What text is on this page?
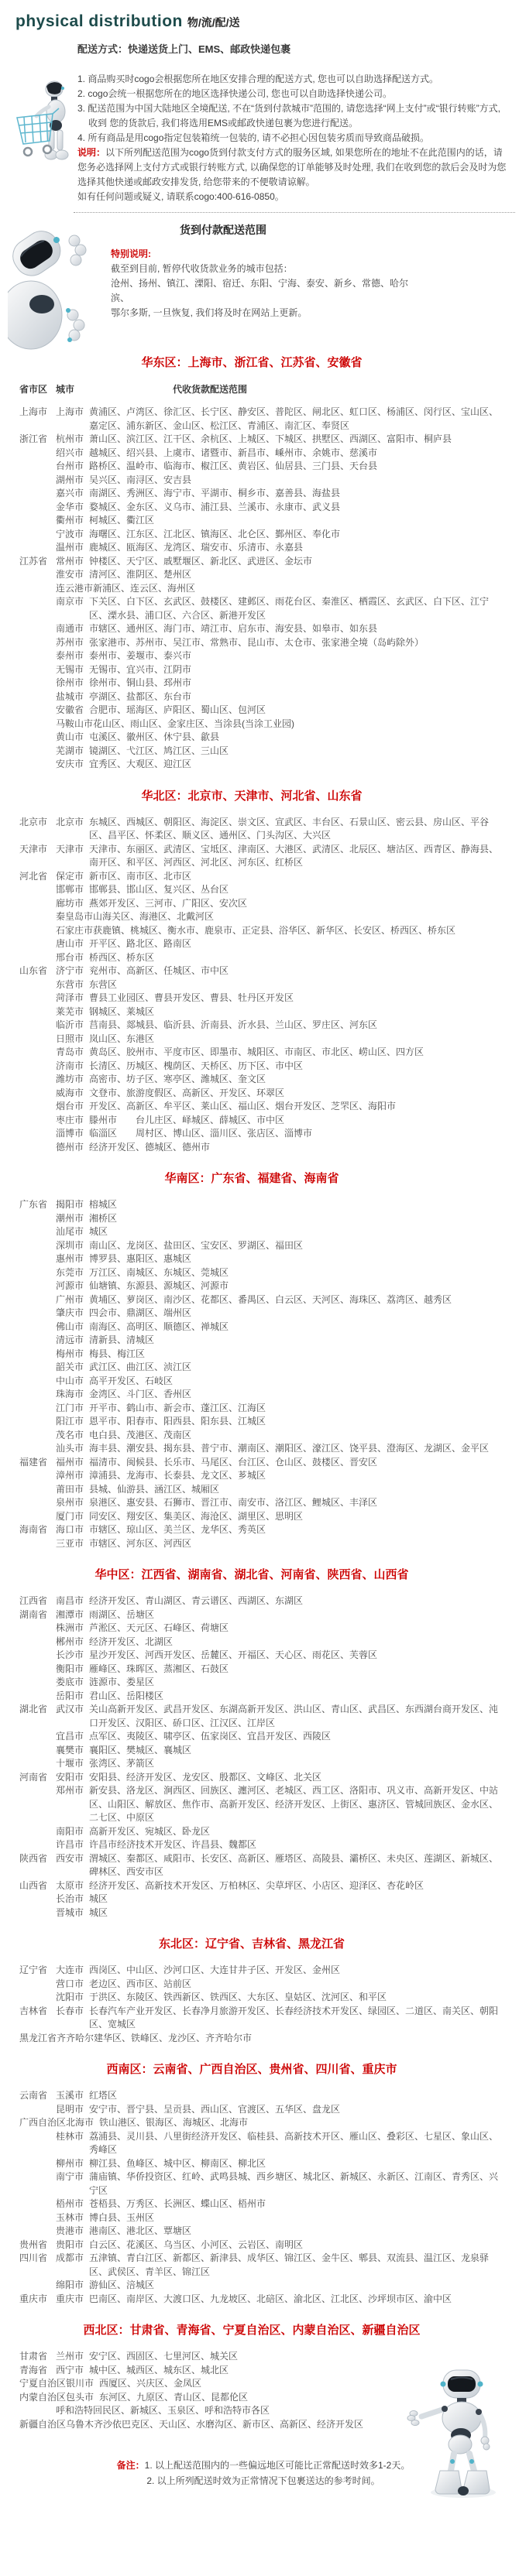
physical distribution 物/流/配/送
配送方式：快递送货上门、EMS、邮政快递包裹
1. 商品购买时cogo会根据您所在地区安排合理的配送方式, 您也可以自助选择配送方式。
2. cogo会统一根据您所在的地区选择快递公司, 您也可以自助选择快递公司。
3. 配送范围为中国大陆地区全境配送, 不在“货到付款城市”范围的, 请您选择“网上支付”或“银行转账”方式, 收到 您的货款后, 我们将选用EMS或邮政快递包裹为您进行配送。
4. 所有商品是用cogo指定包装箱统一包装的, 请不必担心因包装劣质而导致商品破损。
说明：以下所列配送范围为cogo货到付款支付方式的服务区域, 如果您所在的地址不在此范围内的话，请您务必选择网上支付方式或银行转账方式, 以确保您的订单能够及时处理, 我们在收到您的款后会及时为您选择其他快递或邮政安排发货, 给您带来的不便敬请谅解。
如有任何问题或疑义, 请联系cogo:400-616-0850。
货到付款配送范围
特别说明:
截至到目前, 暂停代收货款业务的城市包括：
沧州、扬州、镇江、溧阳、宿迁、东阳、宁海、泰安、新乡、常德、哈尔滨、
鄂尔多斯, 一旦恢复, 我们将及时在网站上更新。
华东区：上海市、浙江省、江苏省、安徽省
省市区 城市	代收货款配送范围
上海市 上海市 黄浦区、卢湾区、徐汇区、长宁区、静安区、普陀区、闸北区、虹口区、杨浦区、闵行区、宝山区、嘉定区、浦东新区、金山区、松江区、青浦区、南汇区、奉贤区
浙江省 杭州市 萧山区、滨江区、江干区、余杭区、上城区、下城区、拱墅区、西湖区、富阳市、桐庐县
绍兴市 越城区、绍兴县、上虞市、诸暨市、新昌市、嵊州市、余姚市、慈溪市
台州市 路桥区、温岭市、临海市、椒江区、黄岩区、仙居县、三门县、天台县
湖州市 吴兴区、南浔区、安吉县
嘉兴市 南湖区、秀洲区、海宁市、平湖市、桐乡市、嘉善县、海盐县
金华市 婺城区、金东区、义乌市、浦江县、兰溪市、永康市、武义县
衢州市 柯城区、衢江区
宁波市 海曙区、江东区、江北区、镇海区、北仑区、鄞州区、奉化市
温州市 鹿城区、瓯海区、龙湾区、瑞安市、乐清市、永嘉县
江苏省 常州市 钟楼区、天宁区、戚墅堰区、新北区、武进区、金坛市
淮安市 清河区、淮阴区、楚州区
连云港市 新浦区、连云区、海州区
南京市 下关区、白下区、玄武区、鼓楼区、建邺区、雨花台区、秦淮区、栖霞区、玄武区、白下区、江宁区、溧水县、浦口区、六合区、新港开发区
南通市 市辖区、通州区、海门市、靖江市、启东市、海安县、如皋市、如东县
苏州市 张家港市、苏州市、吴江市、常熟市、昆山市、太仓市、张家港全境（岛屿除外）
泰州市 泰州市、姜堰市、泰兴市
无锡市 无锡市、宜兴市、江阴市
徐州市 徐州市、铜山县、邳州市
盐城市 亭湖区、盐都区、东台市
安徽省 合肥市、瑶海区、庐阳区、蜀山区、包河区
马鞍山市 花山区、雨山区、金家庄区、当涂县(当涂工业园)
黄山市 屯溪区、徽州区、休宁县、歙县
芜湖市 镜湖区、弋江区、鸠江区、三山区
安庆市 宜秀区、大观区、迎江区
华北区：北京市、天津市、河北省、山东省
北京市 北京市 东城区、西城区、朝阳区、海淀区、崇文区、宣武区、丰台区、石景山区、密云县、房山区、平谷区、昌平区、怀柔区、顺义区、通州区、门头沟区、大兴区
天津市 天津市 天津市、东丽区、武清区、宝坻区、津南区、大港区、武清区、北辰区、塘沽区、西青区、静海县、南开区、和平区、河西区、河北区、河东区、红桥区
河北省 保定市 新市区、南市区、北市区
邯郸市 邯郸县、邯山区、复兴区、丛台区
廊坊市 燕郊开发区、三河市、广阳区、安次区
秦皇岛市 山海关区、海港区、北戴河区
石家庄市 获鹿镇、桃城区、衡水市、鹿泉市、正定县、浴华区、新华区、长安区、桥西区、桥东区
唐山市 开平区、路北区、路南区
邢台市 桥西区、桥东区
山东省 济宁市 兖州市、高新区、任城区、市中区
东营市 东营区
菏泽市 曹县工业园区、曹县开发区、曹县、牡丹区开发区
莱芜市 钢城区、莱城区
临沂市 莒南县、郯城县、临沂县、沂南县、沂水县、兰山区、罗庄区、河东区
日照市 岚山区、东港区
青岛市 黄岛区、胶州市、平度市区、即墨市、城阳区、市南区、市北区、崂山区、四方区
济南市 长清区、历城区、槐荫区、天桥区、历下区、市中区
潍坊市 高密市、坊子区、寒亭区、潍城区、奎文区
威海市 文登市、旅游度假区、高新区、开发区、环翠区
烟台市 开发区、高新区、牟平区、莱山区、福山区、烟台开发区、芝罘区、海阳市
枣庄市 滕州市　　台儿庄区、峄城区、薛城区、市中区
淄博市 临淄区　　周村区、博山区、淄川区、张店区、淄博市
德州市 经济开发区、德城区、德州市
华南区：广东省、福建省、海南省
广东省 揭阳市 榕城区
潮州市 湘桥区
汕尾市 城区
深圳市 南山区、龙岗区、盐田区、宝安区、罗湖区、福田区
惠州市 博罗县、惠阳区、惠城区
东莞市 万江区、南城区、东城区、莞城区
河源市 仙塘镇、东源县、源城区、河源市
广州市 黄埔区、萝岗区、南沙区、花都区、番禺区、白云区、天河区、海珠区、荔湾区、越秀区
肇庆市 四会市、鼎湖区、端州区
佛山市 南海区、高明区、顺德区、禅城区
清远市 清新县、清城区
梅州市 梅县、梅江区
韶关市 武江区、曲江区、浈江区
中山市 高平开发区、石岐区
珠海市 金湾区、斗门区、香州区
江门市 开平市、鹤山市、新会市、蓬江区、江海区
阳江市 恩平市、阳春市、阳西县、阳东县、江城区
茂名市 电白县、茂港区、茂南区
汕头市 海丰县、潮安县、揭东县、普宁市、潮南区、潮阳区、濠江区、饶平县、澄海区、龙湖区、金平区
福建省 福州市 福清市、闽候县、长乐市、马尾区、台江区、仓山区、鼓楼区、晋安区
漳州市 漳浦县、龙海市、长泰县、龙文区、芗城区
莆田市 县城、仙游县、涵江区、城厢区
泉州市 泉港区、惠安县、石狮市、晋江市、南安市、洛江区、鲤城区、丰泽区
厦门市 同安区、翔安区、集美区、海沧区、湖里区、思明区
海南省 海口市 市辖区、琼山区、美兰区、龙华区、秀英区
三亚市 市辖区、河东区、河西区
华中区：江西省、湖南省、湖北省、河南省、陕西省、山西省
江西省 南昌市 经济开发区、青山湖区、青云谱区、西湖区、东湖区
湖南省 湘潭市 雨湖区、岳塘区
株洲市 芦淞区、天元区、石峰区、荷塘区
郴州市 经济开发区、北湖区
长沙市 星沙开发区、河西开发区、岳麓区、开福区、天心区、雨花区、芙蓉区
衡阳市 雁峰区、珠晖区、蒸湘区、石鼓区
娄底市 涟源市、娄星区
岳阳市 君山区、岳阳楼区
湖北省 武汉市 关山高新开发区、武昌开发区、东湖高新开发区、洪山区、青山区、武昌区、东西湖台商开发区、沌口开发区、汉阳区、硚口区、江汉区、江岸区
宜昌市 点军区、夷陵区、啸亭区、伍家岗区、宜昌开发区、西陵区
襄樊市 襄阳区、樊城区、襄城区
十堰市 张湾区、茅箭区
河南省 安阳市 安阳县、经济开发区、龙安区、殷都区、文峰区、北关区
郑州市 新安县、洛龙区、涧西区、回族区、瀍河区、老城区、西工区、洛阳市、巩义市、高新开发区、中站区、山阳区、解放区、焦作市、高新开发区、经济开发区、上街区、惠济区、管城回族区、金水区、二七区、中原区
南阳市 高新开发区、宛城区、卧龙区
许昌市 许昌市经济技术开发区、许昌县、魏都区
陕西省 西安市 渭城区、秦都区、咸阳市、长安区、高新区、雁塔区、高陵县、灞桥区、未央区、莲湖区、新城区、碑林区、西安市区
山西省 太原市 经济开发区、高新技术开发区、万柏林区、尖草坪区、小店区、迎泽区、杏花岭区
长治市 城区
晋城市 城区
东北区：辽宁省、吉林省、黑龙江省
辽宁省 大连市 西岗区、中山区、沙河口区、大连甘井子区、开发区、金州区
营口市 老边区、西市区、站前区
沈阳市 于洪区、东陵区、铁西新区、铁西区、大东区、皇姑区、沈河区、和平区
吉林省 长春市 长春汽车产业开发区、长春净月旅游开发区、长春经济技术开发区、绿园区、二道区、南关区、朝阳区、宽城区
黑龙江省 齐齐哈尔 建华区、铁峰区、龙沙区、齐齐哈尔市
西南区：云南省、广西自治区、贵州省、四川省、重庆市
云南省 玉溪市 红塔区
昆明市 安宁市、晋宁县、呈贡县、西山区、官渡区、五华区、盘龙区
广西自治区 北海市 铁山港区、银海区、海城区、北海市
桂林市 荔浦县、灵川县、八里街经济开发区、临桂县、高新技术开区、雁山区、叠彩区、七星区、象山区、秀峰区
柳州市 柳江县、鱼峰区、城中区、柳南区、柳北区
南宁市 蒲庙镇、华侨投资区、红岭、武鸣县城、西乡塘区、城北区、新城区、永新区、江南区、青秀区、兴宁区
梧州市 苍梧县、万秀区、长洲区、蝶山区、梧州市
玉林市 博白县、玉州区
贵港市 港南区、港北区、覃塘区
贵州省 贵阳市 白云区、花溪区、乌当区、小河区、云岩区、南明区
四川省 成都市 五津镇、青白江区、新都区、新津县、成华区、锦江区、金牛区、郫县、双流县、温江区、龙泉驿区、武侯区、青羊区、锦江区
绵阳市 游仙区、涪城区
重庆市 重庆市 巴南区、南岸区、大渡口区、九龙坡区、北碚区、渝北区、江北区、沙坪坝市区、渝中区
西北区：甘肃省、青海省、宁夏自治区、内蒙自治区、新疆自治区
甘肃省 兰州市 安宁区、西固区、七里河区、城关区
青海省 西宁市 城中区、城西区、城东区、城北区
宁夏自治区 银川市 西厦区、兴庆区、金凤区
内蒙自治区 包头市 东河区、九原区、青山区、昆都伦区
呼和浩特 回民区、新城区、玉泉区、呼和浩特市各区
新疆自治区 乌鲁木齐 沙依巴克区、天山区、水磨沟区、新市区、高新区、经济开发区
备注：1. 以上配送范围内的一些偏远地区可能比正常配送时效多1-2天。
2. 以上所列配送时效为正常情况下包裹送达的参考时间。
